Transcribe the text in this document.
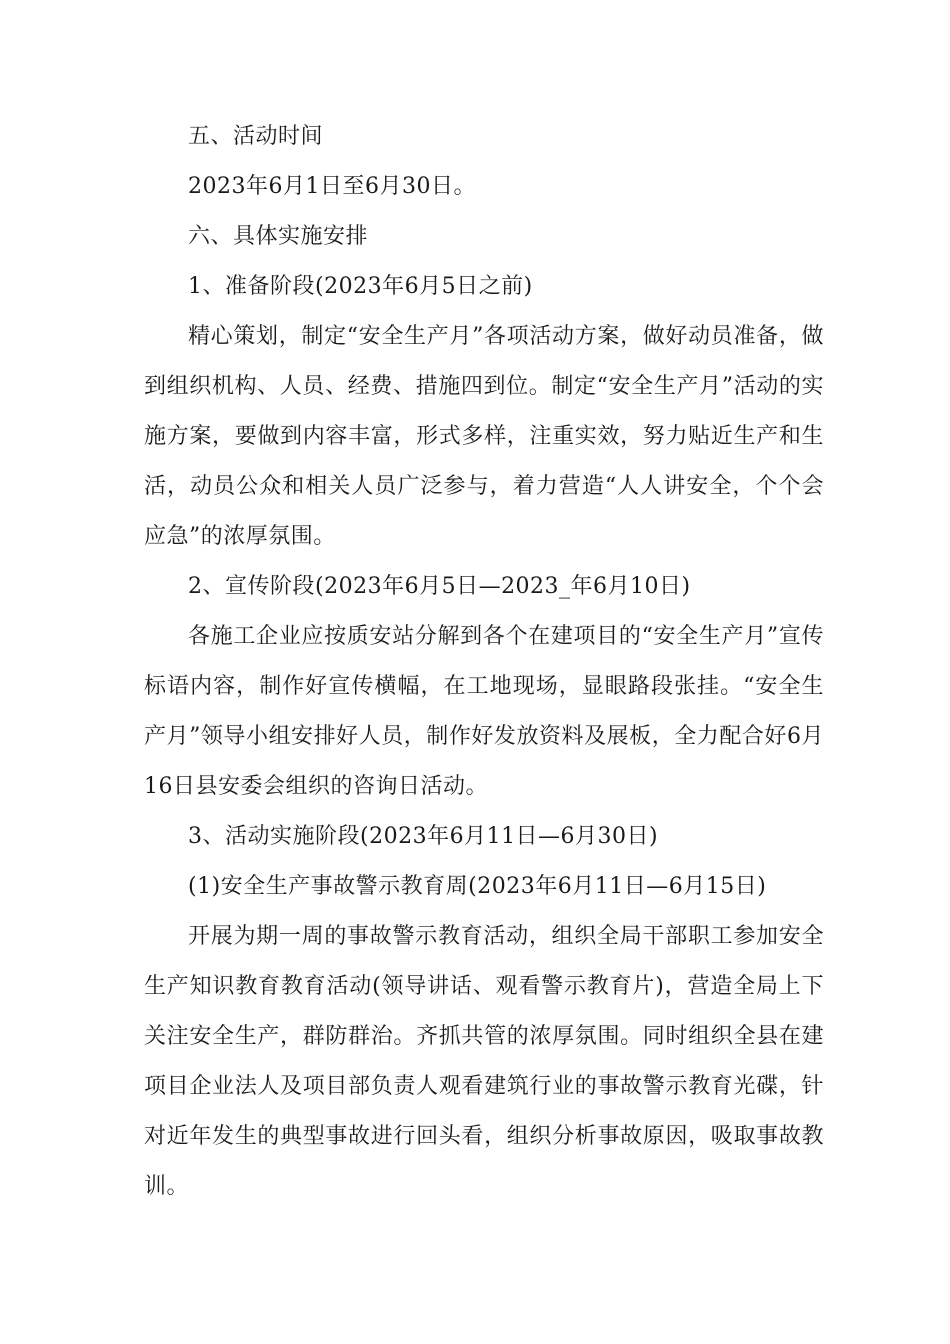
五、活动时间

2023年6月1日至6月30日。

六、具体实施安排

1、准备阶段(2023年6月5日之前)

精心策划，制定“安全生产月”各项活动方案，做好动员准备，做到组织机构、人员、经费、措施四到位。制定“安全生产月”活动的实施方案，要做到内容丰富，形式多样，注重实效，努力贴近生产和生活，动员公众和相关人员广泛参与，着力营造“人人讲安全，个个会应急”的浓厚氛围。

2、宣传阶段(2023年6月5日—2023_年6月10日)

各施工企业应按质安站分解到各个在建项目的“安全生产月”宣传标语内容，制作好宣传横幅，在工地现场，显眼路段张挂。“安全生产月”领导小组安排好人员，制作好发放资料及展板，全力配合好6月16日县安委会组织的咨询日活动。

3、活动实施阶段(2023年6月11日—6月30日)

(1)安全生产事故警示教育周(2023年6月11日—6月15日)

开展为期一周的事故警示教育活动，组织全局干部职工参加安全生产知识教育教育活动(领导讲话、观看警示教育片)，营造全局上下关注安全生产，群防群治。齐抓共管的浓厚氛围。同时组织全县在建项目企业法人及项目部负责人观看建筑行业的事故警示教育光碟，针对近年发生的典型事故进行回头看，组织分析事故原因，吸取事故教训。
